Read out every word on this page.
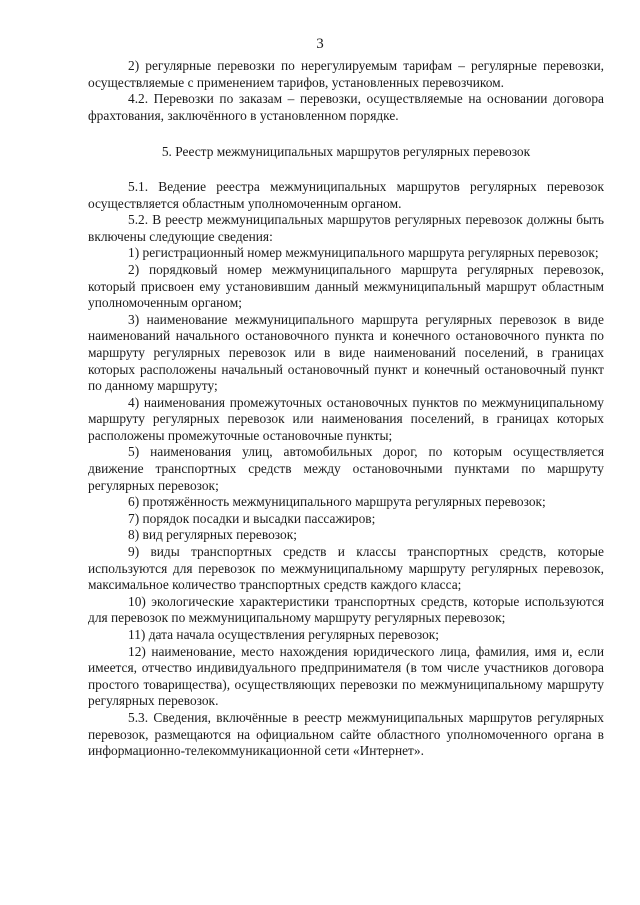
3

2) регулярные перевозки по нерегулируемым тарифам – регулярные перевозки, осуществляемые с применением тарифов, установленных перевозчиком.

4.2. Перевозки по заказам – перевозки, осуществляемые на основании договора фрахтования, заключённого в установленном порядке.

5. Реестр межмуниципальных маршрутов регулярных перевозок

5.1. Ведение реестра межмуниципальных маршрутов регулярных перевозок осуществляется областным уполномоченным органом.

5.2. В реестр межмуниципальных маршрутов регулярных перевозок должны быть включены следующие сведения:

1) регистрационный номер межмуниципального маршрута регулярных перевозок;

2) порядковый номер межмуниципального маршрута регулярных перевозок, который присвоен ему установившим данный межмуниципальный маршрут областным уполномоченным органом;

3) наименование межмуниципального маршрута регулярных перевозок в виде наименований начального остановочного пункта и конечного остановочного пункта по маршруту регулярных перевозок или в виде наименований поселений, в границах которых расположены начальный остановочный пункт и конечный остановочный пункт по данному маршруту;

4) наименования промежуточных остановочных пунктов по межмуниципальному маршруту регулярных перевозок или наименования поселений, в границах которых расположены промежуточные остановочные пункты;

5) наименования улиц, автомобильных дорог, по которым осуществляется движение транспортных средств между остановочными пунктами по маршруту регулярных перевозок;

6) протяжённость межмуниципального маршрута регулярных перевозок;

7) порядок посадки и высадки пассажиров;

8) вид регулярных перевозок;

9) виды транспортных средств и классы транспортных средств, которые используются для перевозок по межмуниципальному маршруту регулярных перевозок, максимальное количество транспортных средств каждого класса;

10) экологические характеристики транспортных средств, которые используются для перевозок по межмуниципальному маршруту регулярных перевозок;

11) дата начала осуществления регулярных перевозок;

12) наименование, место нахождения юридического лица, фамилия, имя и, если имеется, отчество индивидуального предпринимателя (в том числе участников договора простого товарищества), осуществляющих перевозки по межмуниципальному маршруту регулярных перевозок.

5.3. Сведения, включённые в реестр межмуниципальных маршрутов регулярных перевозок, размещаются на официальном сайте областного уполномоченного органа в информационно-телекоммуникационной сети «Интернет».
